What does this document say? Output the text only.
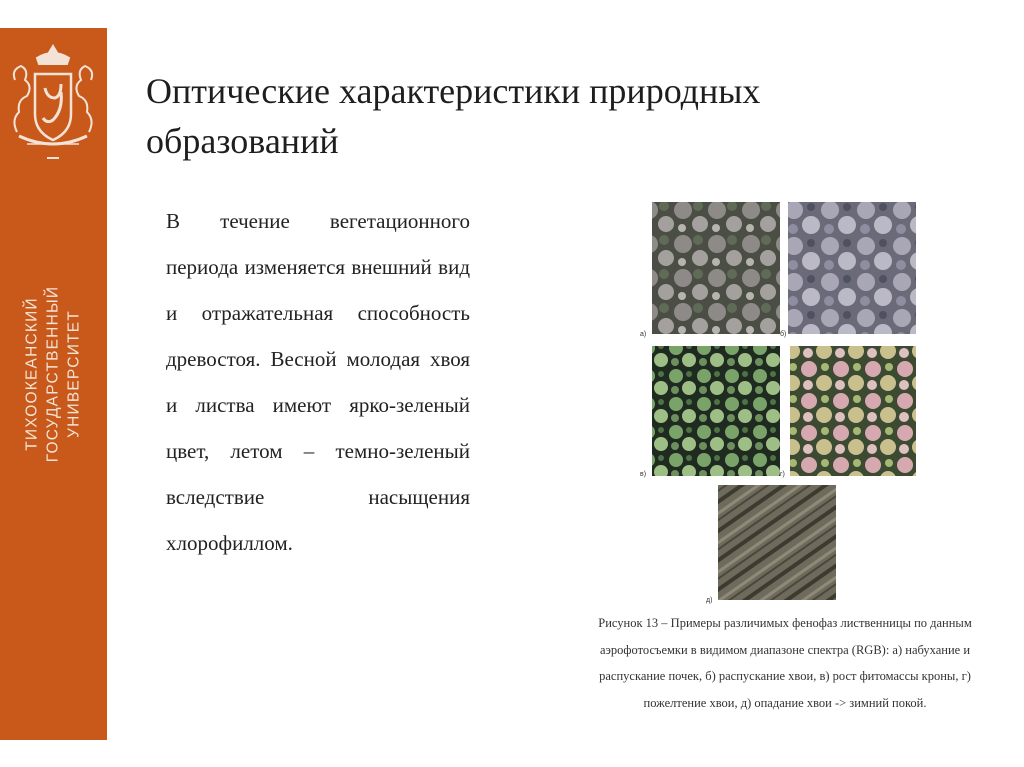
ТИХООКЕАНСКИЙ ГОСУДАРСТВЕННЫЙ УНИВЕРСИТЕТ
Оптические характеристики природных образований
В течение вегетационного периода изменяется внешний вид и отражательная способность древостоя. Весной молодая хвоя и листва имеют ярко-зеленый цвет, летом – темно-зеленый вследствие насыщения хлорофиллом.
а)	б)
в)	г)
д)
Рисунок 13 – Примеры различимых фенофаз лиственницы по данным
аэрофотосъемки в видимом диапазоне спектра (RGB): а) набухание и
распускание почек, б) распускание хвои, в) рост фитомассы кроны, г)
пожелтение хвои, д) опадание хвои -> зимний покой.
